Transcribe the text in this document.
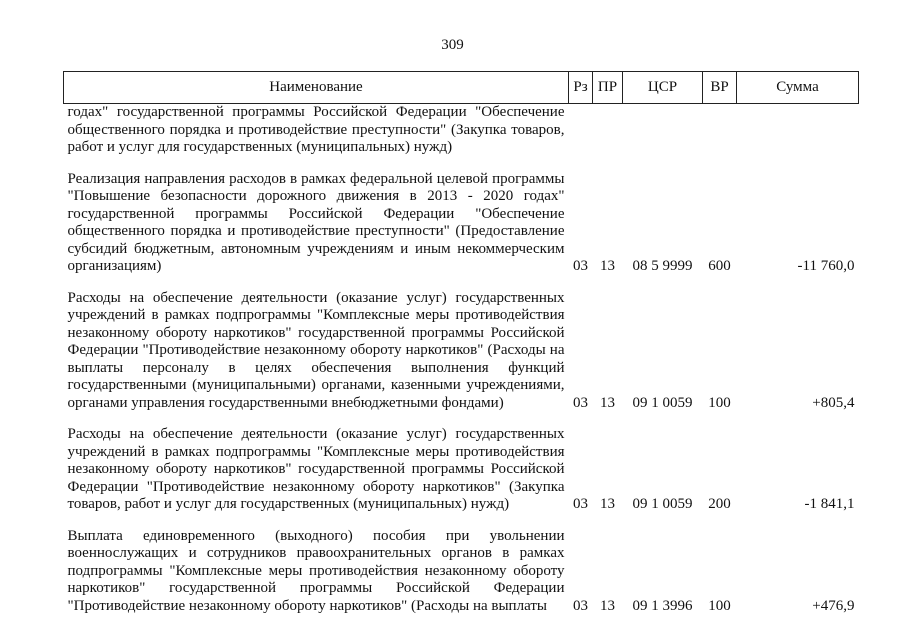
309
Наименование	Рз	ПР	ЦСР	ВР	Сумма
годах" государственной программы Российской Федерации "Обеспечение общественного порядка и противодействие преступности" (Закупка товаров, работ и услуг для государственных (муниципальных) нужд)					

Реализация направления расходов в рамках федеральной целевой программы "Повышение безопасности дорожного движения в 2013 - 2020 годах" государственной программы Российской Федерации "Обеспечение общественного порядка и противодействие преступности" (Предоставление субсидий бюджетным, автономным учреждениям и иным некоммерческим организациям)	03	13	08 5 9999	600	-11 760,0

Расходы на обеспечение деятельности (оказание услуг) государственных учреждений в рамках подпрограммы "Комплексные меры противодействия незаконному обороту наркотиков" государственной программы Российской Федерации "Противодействие незаконному обороту наркотиков" (Расходы на выплаты персоналу в целях обеспечения выполнения функций государственными (муниципальными) органами, казенными учреждениями, органами управления государственными внебюджетными фондами)	03	13	09 1 0059	100	+805,4

Расходы на обеспечение деятельности (оказание услуг) государственных учреждений в рамках подпрограммы "Комплексные меры противодействия незаконному обороту наркотиков" государственной программы Российской Федерации "Противодействие незаконному обороту наркотиков" (Закупка товаров, работ и услуг для государственных (муниципальных) нужд)	03	13	09 1 0059	200	-1 841,1

Выплата единовременного (выходного) пособия при увольнении военнослужащих и сотрудников правоохранительных органов в рамках подпрограммы "Комплексные меры противодействия незаконному обороту наркотиков" государственной программы Российской Федерации "Противодействие незаконному обороту наркотиков" (Расходы на выплаты	03	13	09 1 3996	100	+476,9
